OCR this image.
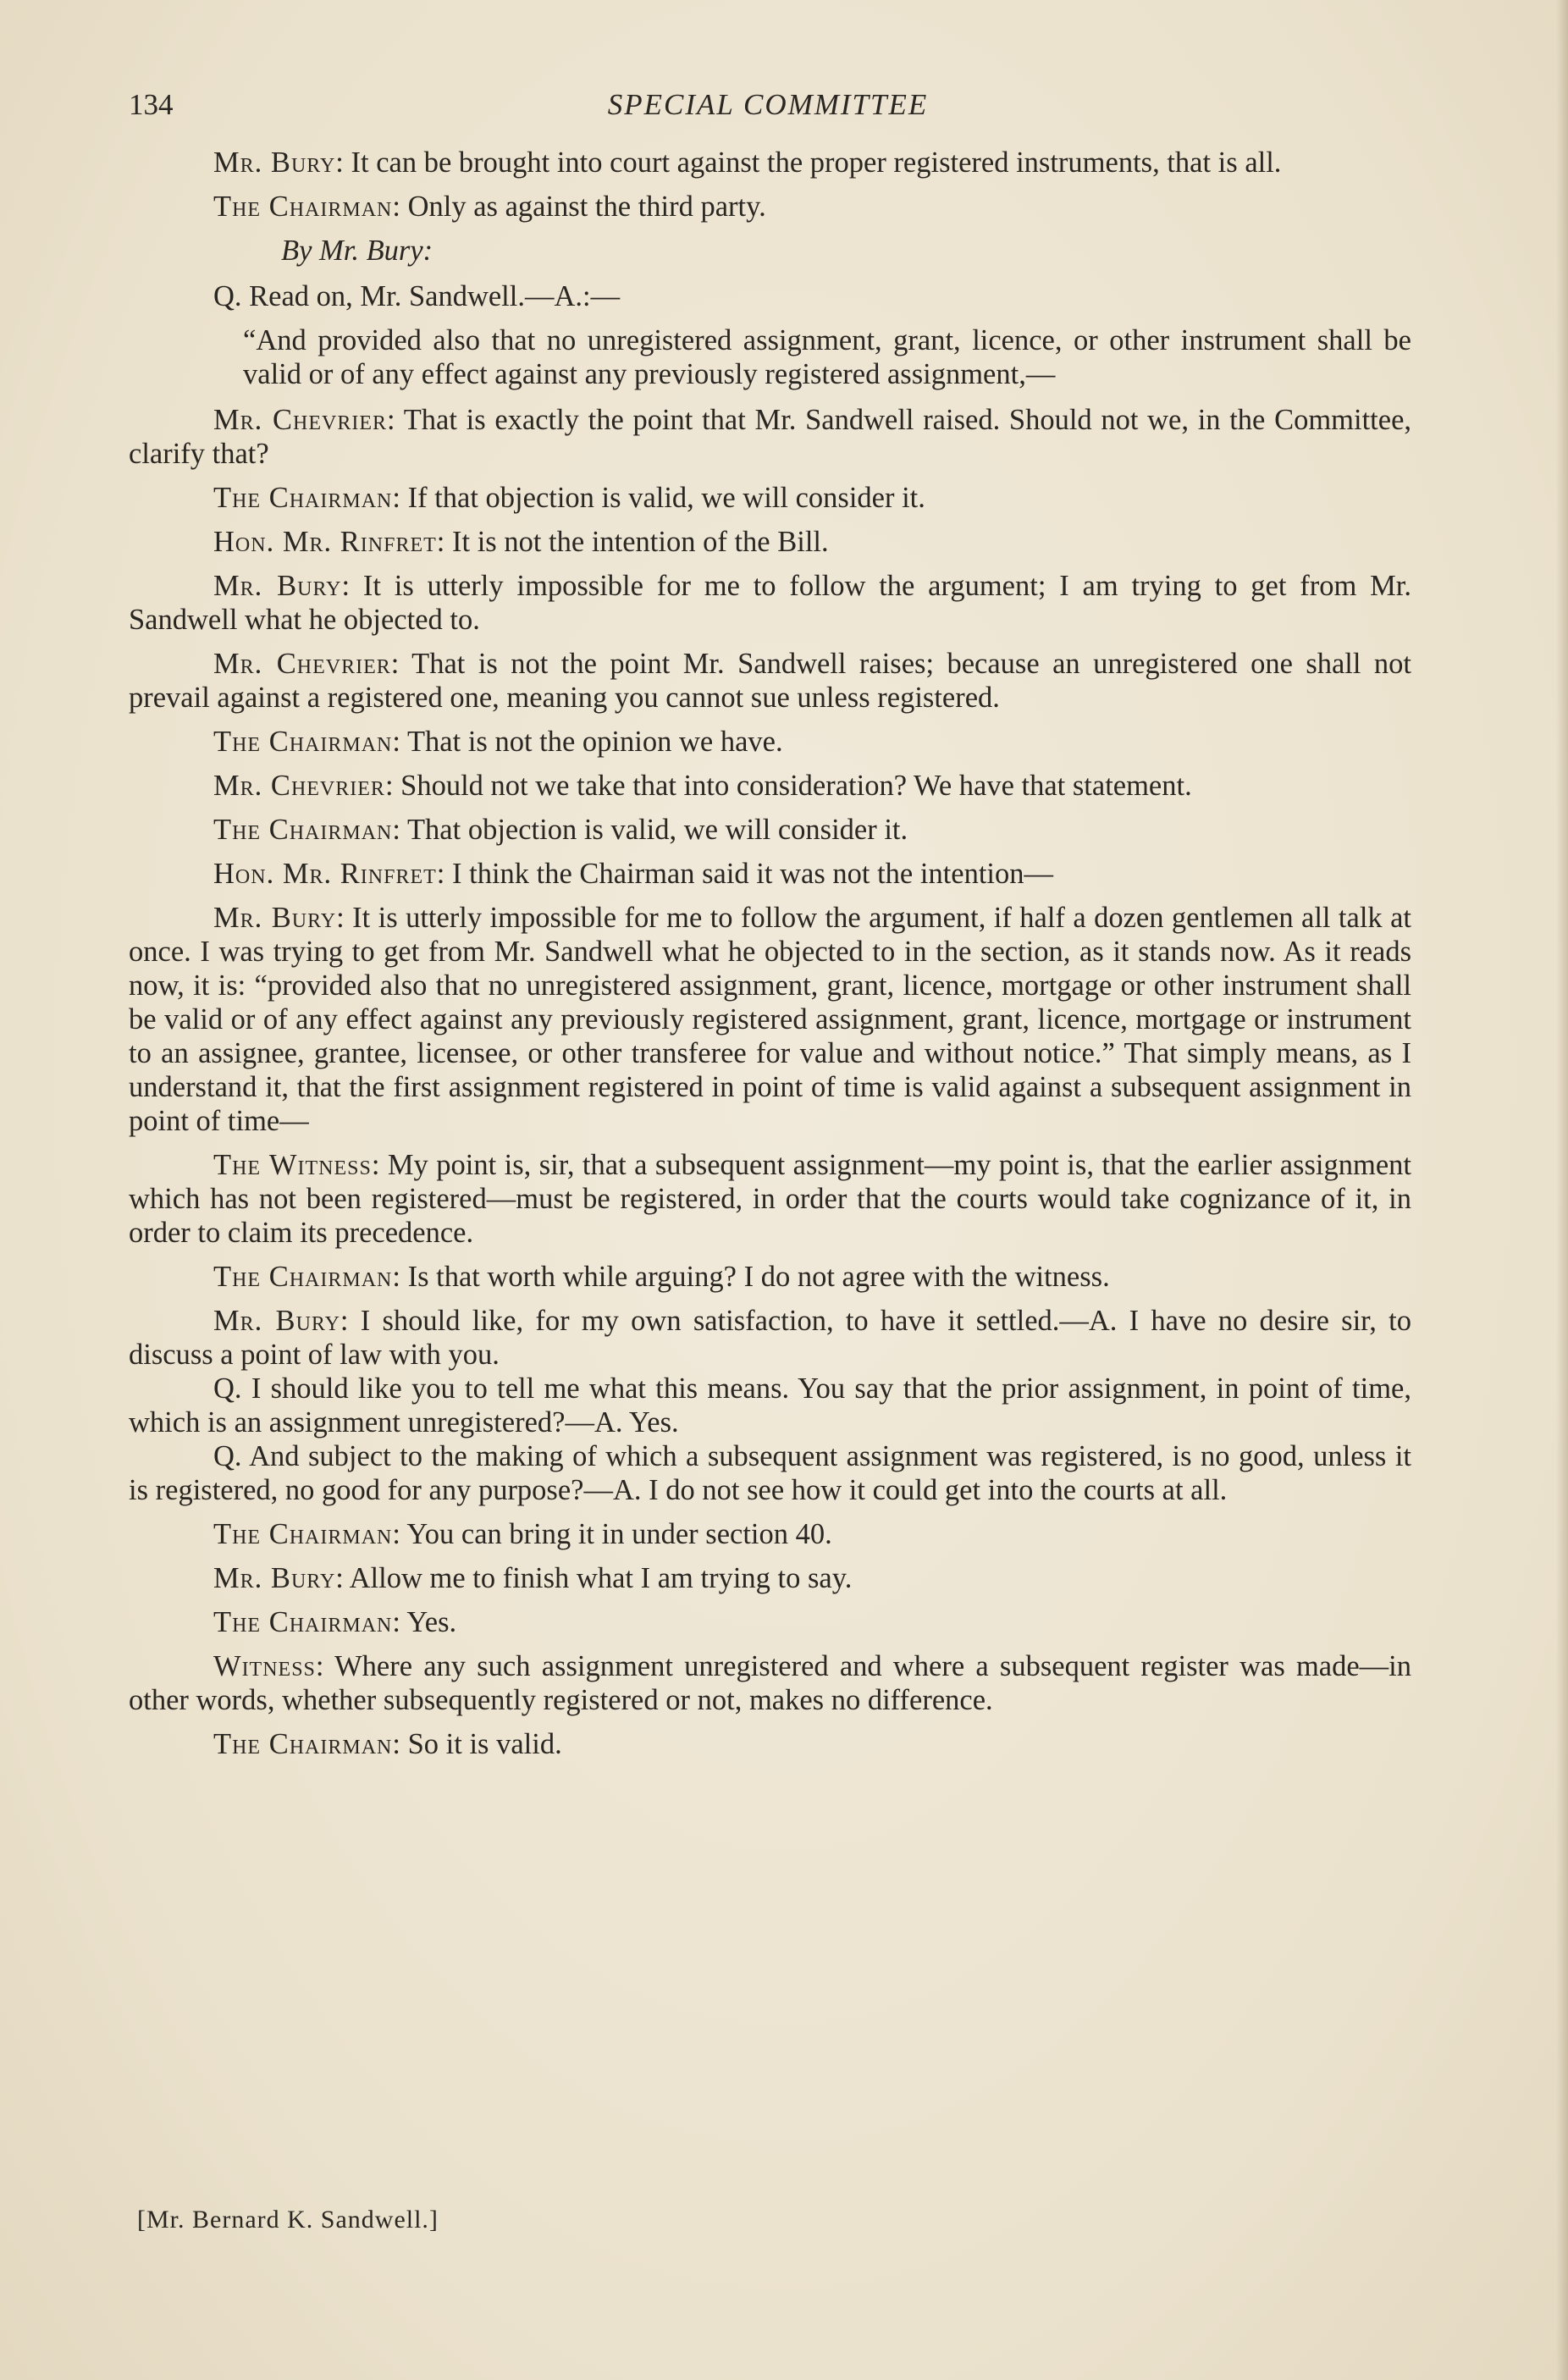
134	SPECIAL COMMITTEE

Mr. Bury: It can be brought into court against the proper registered instruments, that is all.

The Chairman: Only as against the third party.

By Mr. Bury:

Q. Read on, Mr. Sandwell.—A.:—

“And provided also that no unregistered assignment, grant, licence, or other instrument shall be valid or of any effect against any previously registered assignment,—

Mr. Chevrier: That is exactly the point that Mr. Sandwell raised. Should not we, in the Committee, clarify that?

The Chairman: If that objection is valid, we will consider it.

Hon. Mr. Rinfret: It is not the intention of the Bill.

Mr. Bury: It is utterly impossible for me to follow the argument; I am trying to get from Mr. Sandwell what he objected to.

Mr. Chevrier: That is not the point Mr. Sandwell raises; because an unregistered one shall not prevail against a registered one, meaning you cannot sue unless registered.

The Chairman: That is not the opinion we have.

Mr. Chevrier: Should not we take that into consideration? We have that statement.

The Chairman: That objection is valid, we will consider it.

Hon. Mr. Rinfret: I think the Chairman said it was not the intention—

Mr. Bury: It is utterly impossible for me to follow the argument, if half a dozen gentlemen all talk at once. I was trying to get from Mr. Sandwell what he objected to in the section, as it stands now. As it reads now, it is: “provided also that no unregistered assignment, grant, licence, mortgage or other instrument shall be valid or of any effect against any previously registered assignment, grant, licence, mortgage or instrument to an assignee, grantee, licensee, or other transferee for value and without notice.” That simply means, as I understand it, that the first assignment registered in point of time is valid against a subsequent assignment in point of time—

The Witness: My point is, sir, that a subsequent assignment—my point is, that the earlier assignment which has not been registered—must be registered, in order that the courts would take cognizance of it, in order to claim its precedence.

The Chairman: Is that worth while arguing? I do not agree with the witness.

Mr. Bury: I should like, for my own satisfaction, to have it settled.—A. I have no desire sir, to discuss a point of law with you.

Q. I should like you to tell me what this means. You say that the prior assignment, in point of time, which is an assignment unregistered?—A. Yes.

Q. And subject to the making of which a subsequent assignment was registered, is no good, unless it is registered, no good for any purpose?—A. I do not see how it could get into the courts at all.

The Chairman: You can bring it in under section 40.

Mr. Bury: Allow me to finish what I am trying to say.

The Chairman: Yes.

Witness: Where any such assignment unregistered and where a subsequent register was made—in other words, whether subsequently registered or not, makes no difference.

The Chairman: So it is valid.

[Mr. Bernard K. Sandwell.]
